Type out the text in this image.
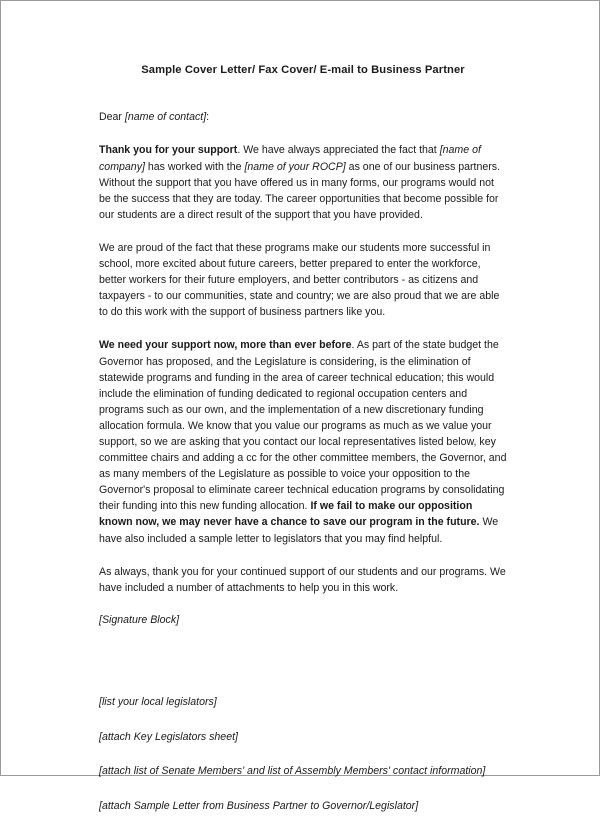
Sample Cover Letter/ Fax Cover/ E-mail to Business Partner

Dear [name of contact]:

Thank you for your support. We have always appreciated the fact that [name of company] has worked with the [name of your ROCP] as one of our business partners. Without the support that you have offered us in many forms, our programs would not be the success that they are today. The career opportunities that become possible for our students are a direct result of the support that you have provided.

We are proud of the fact that these programs make our students more successful in school, more excited about future careers, better prepared to enter the workforce, better workers for their future employers, and better contributors - as citizens and taxpayers - to our communities, state and country; we are also proud that we are able to do this work with the support of business partners like you.

We need your support now, more than ever before. As part of the state budget the Governor has proposed, and the Legislature is considering, is the elimination of statewide programs and funding in the area of career technical education; this would include the elimination of funding dedicated to regional occupation centers and programs such as our own, and the implementation of a new discretionary funding allocation formula. We know that you value our programs as much as we value your support, so we are asking that you contact our local representatives listed below, key committee chairs and adding a cc for the other committee members, the Governor, and as many members of the Legislature as possible to voice your opposition to the Governor's proposal to eliminate career technical education programs by consolidating their funding into this new funding allocation. If we fail to make our opposition known now, we may never have a chance to save our program in the future. We have also included a sample letter to legislators that you may find helpful.

As always, thank you for your continued support of our students and our programs. We have included a number of attachments to help you in this work.

[Signature Block]

[list your local legislators]
[attach Key Legislators sheet]
[attach list of Senate Members' and list of Assembly Members' contact information]
[attach Sample Letter from Business Partner to Governor/Legislator]
